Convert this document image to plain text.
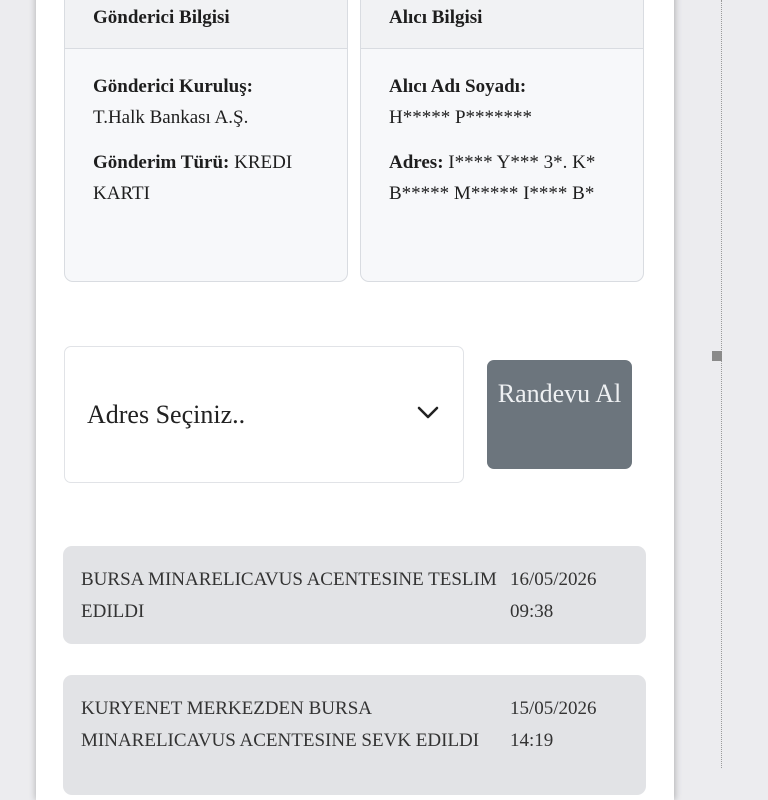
Gönderici Bilgisi
Gönderici Kuruluş:
T.Halk Bankası A.Ş.
Gönderim Türü: KREDI KARTI
Alıcı Bilgisi
Alıcı Adı Soyadı:
H***** P*******
Adres: I**** Y*** 3*. K* B***** M***** I**** B*
Adres Seçiniz..
Randevu Al
BURSA MINARELICAVUS ACENTESINE TESLIM EDILDI
16/05/2026
09:38
KURYENET MERKEZDEN BURSA MINARELICAVUS ACENTESINE SEVK EDILDI
15/05/2026
14:19
